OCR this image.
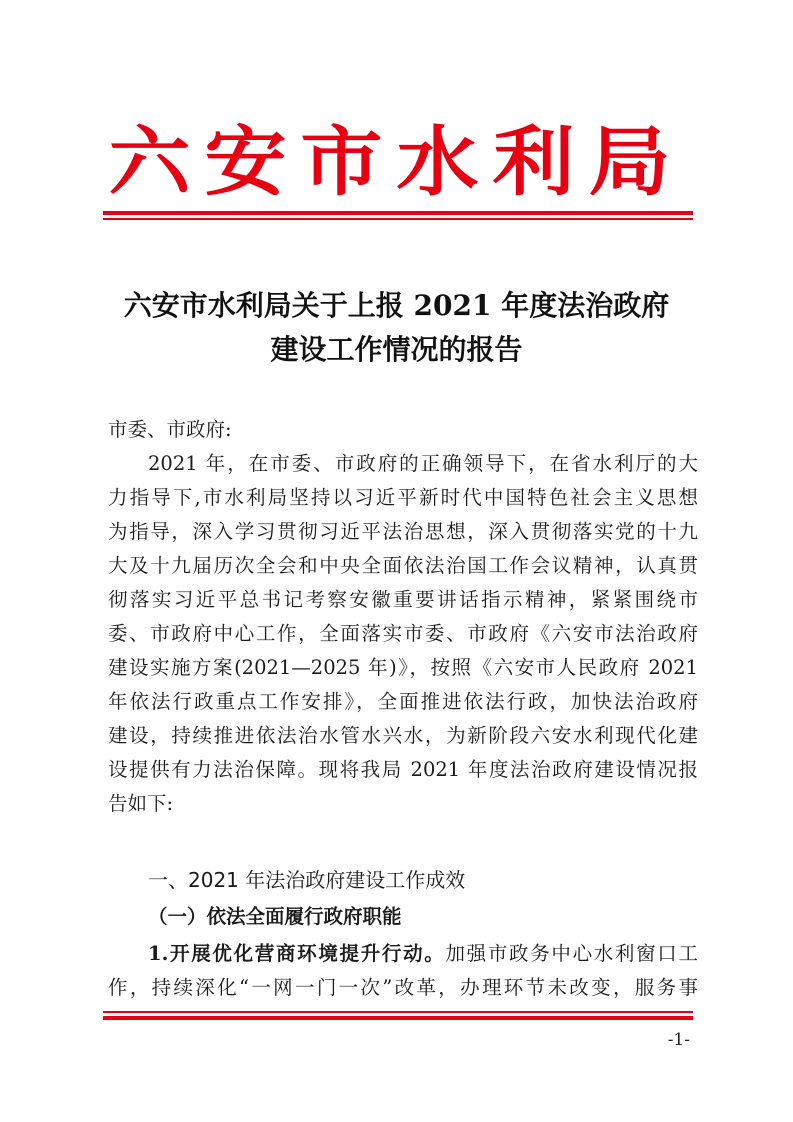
六安市水利局
六安市水利局关于上报 2021 年度法治政府
建设工作情况的报告
市委、市政府:
2021 年，在市委、市政府的正确领导下，在省水利厅的大
力指导下,市水利局坚持以习近平新时代中国特色社会主义思想
为指导，深入学习贯彻习近平法治思想，深入贯彻落实党的十九
大及十九届历次全会和中央全面依法治国工作会议精神，认真贯
彻落实习近平总书记考察安徽重要讲话指示精神，紧紧围绕市
委、市政府中心工作，全面落实市委、市政府《六安市法治政府
建设实施方案(2021—2025 年)》，按照《六安市人民政府 2021
年依法行政重点工作安排》，全面推进依法行政，加快法治政府
建设，持续推进依法治水管水兴水，为新阶段六安水利现代化建
设提供有力法治保障。现将我局 2021 年度法治政府建设情况报
告如下:
一、2021 年法治政府建设工作成效
（一）依法全面履行政府职能
1.开展优化营商环境提升行动。加强市政务中心水利窗口工
作，持续深化“一网一门一次”改革，办理环节未改变，服务事
-1-
